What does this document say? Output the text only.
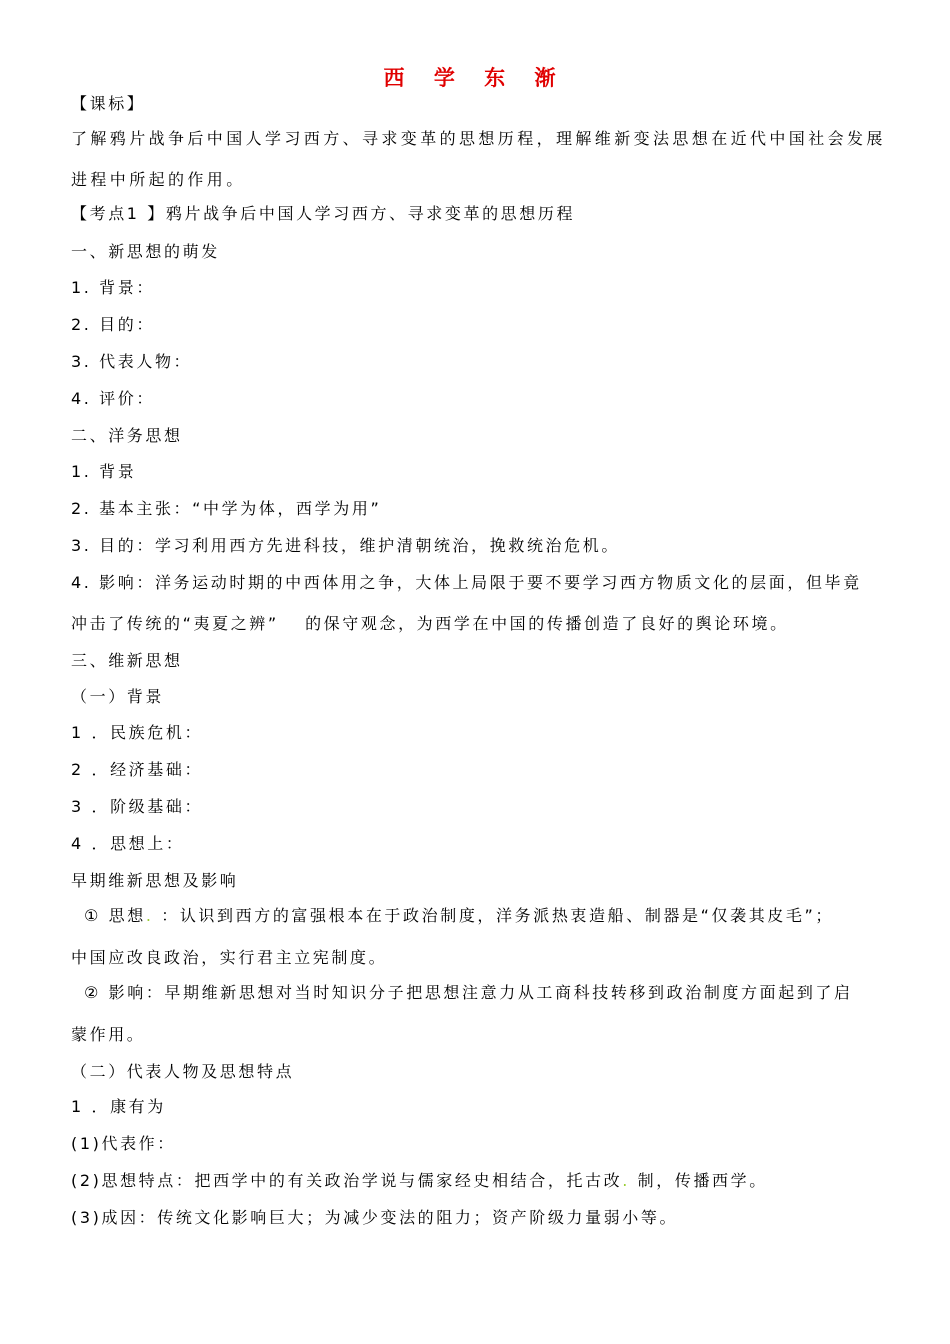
西 学 东 渐
【课标】
了解鸦片战争后中国人学习西方、寻求变革的思想历程，理解维新变法思想在近代中国社会发展
进程中所起的作用。
【考点1 】鸦片战争后中国人学习西方、寻求变革的思想历程
一、新思想的萌发
1. 背景：
2. 目的：
3. 代表人物：
4. 评价：
二、洋务思想
1. 背景
2. 基本主张：“中学为体，西学为用”
3. 目的：学习利用西方先进科技，维护清朝统治，挽救统治危机。
4. 影响：洋务运动时期的中西体用之争，大体上局限于要不要学习西方物质文化的层面，但毕竟
冲击了传统的“夷夏之辨”　 的保守观念，为西学在中国的传播创造了良好的舆论环境。
三、维新思想
（一）背景
1 ．民族危机：
2 ．经济基础：
3 ．阶级基础：
4 ．思想上：
早期维新思想及影响
① 思想. ：认识到西方的富强根本在于政治制度，洋务派热衷造船、制器是“仅袭其皮毛”；
中国应改良政治，实行君主立宪制度。
② 影响：早期维新思想对当时知识分子把思想注意力从工商科技转移到政治制度方面起到了启
蒙作用。
（二）代表人物及思想特点
1 ．康有为
(1)代表作：
(2)思想特点：把西学中的有关政治学说与儒家经史相结合，托古改. 制，传播西学。
(3)成因：传统文化影响巨大；为减少变法的阻力；资产阶级力量弱小等。
